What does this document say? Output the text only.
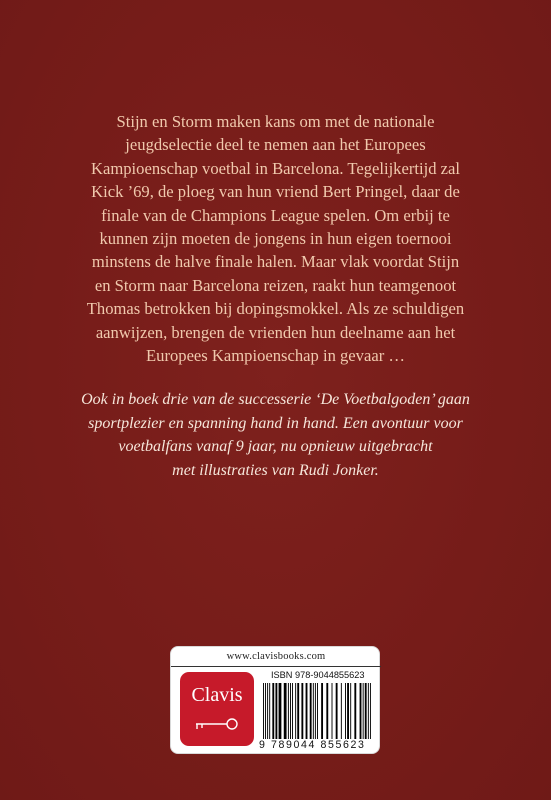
Stijn en Storm maken kans om met de nationale
jeugdselectie deel te nemen aan het Europees
Kampioenschap voetbal in Barcelona. Tegelijkertijd zal
Kick ’69, de ploeg van hun vriend Bert Pringel, daar de
finale van de Champions League spelen. Om erbij te
kunnen zijn moeten de jongens in hun eigen toernooi
minstens de halve finale halen. Maar vlak voordat Stijn
en Storm naar Barcelona reizen, raakt hun teamgenoot
Thomas betrokken bij dopingsmokkel. Als ze schuldigen
aanwijzen, brengen de vrienden hun deelname aan het
Europees Kampioenschap in gevaar …
Ook in boek drie van de successerie ‘De Voetbalgoden’ gaan
sportplezier en spanning hand in hand. Een avontuur voor
voetbalfans vanaf 9 jaar, nu opnieuw uitgebracht
met illustraties van Rudi Jonker.
www.clavisbooks.com
Clavis
ISBN 978-9044855623
9 789044 855623
